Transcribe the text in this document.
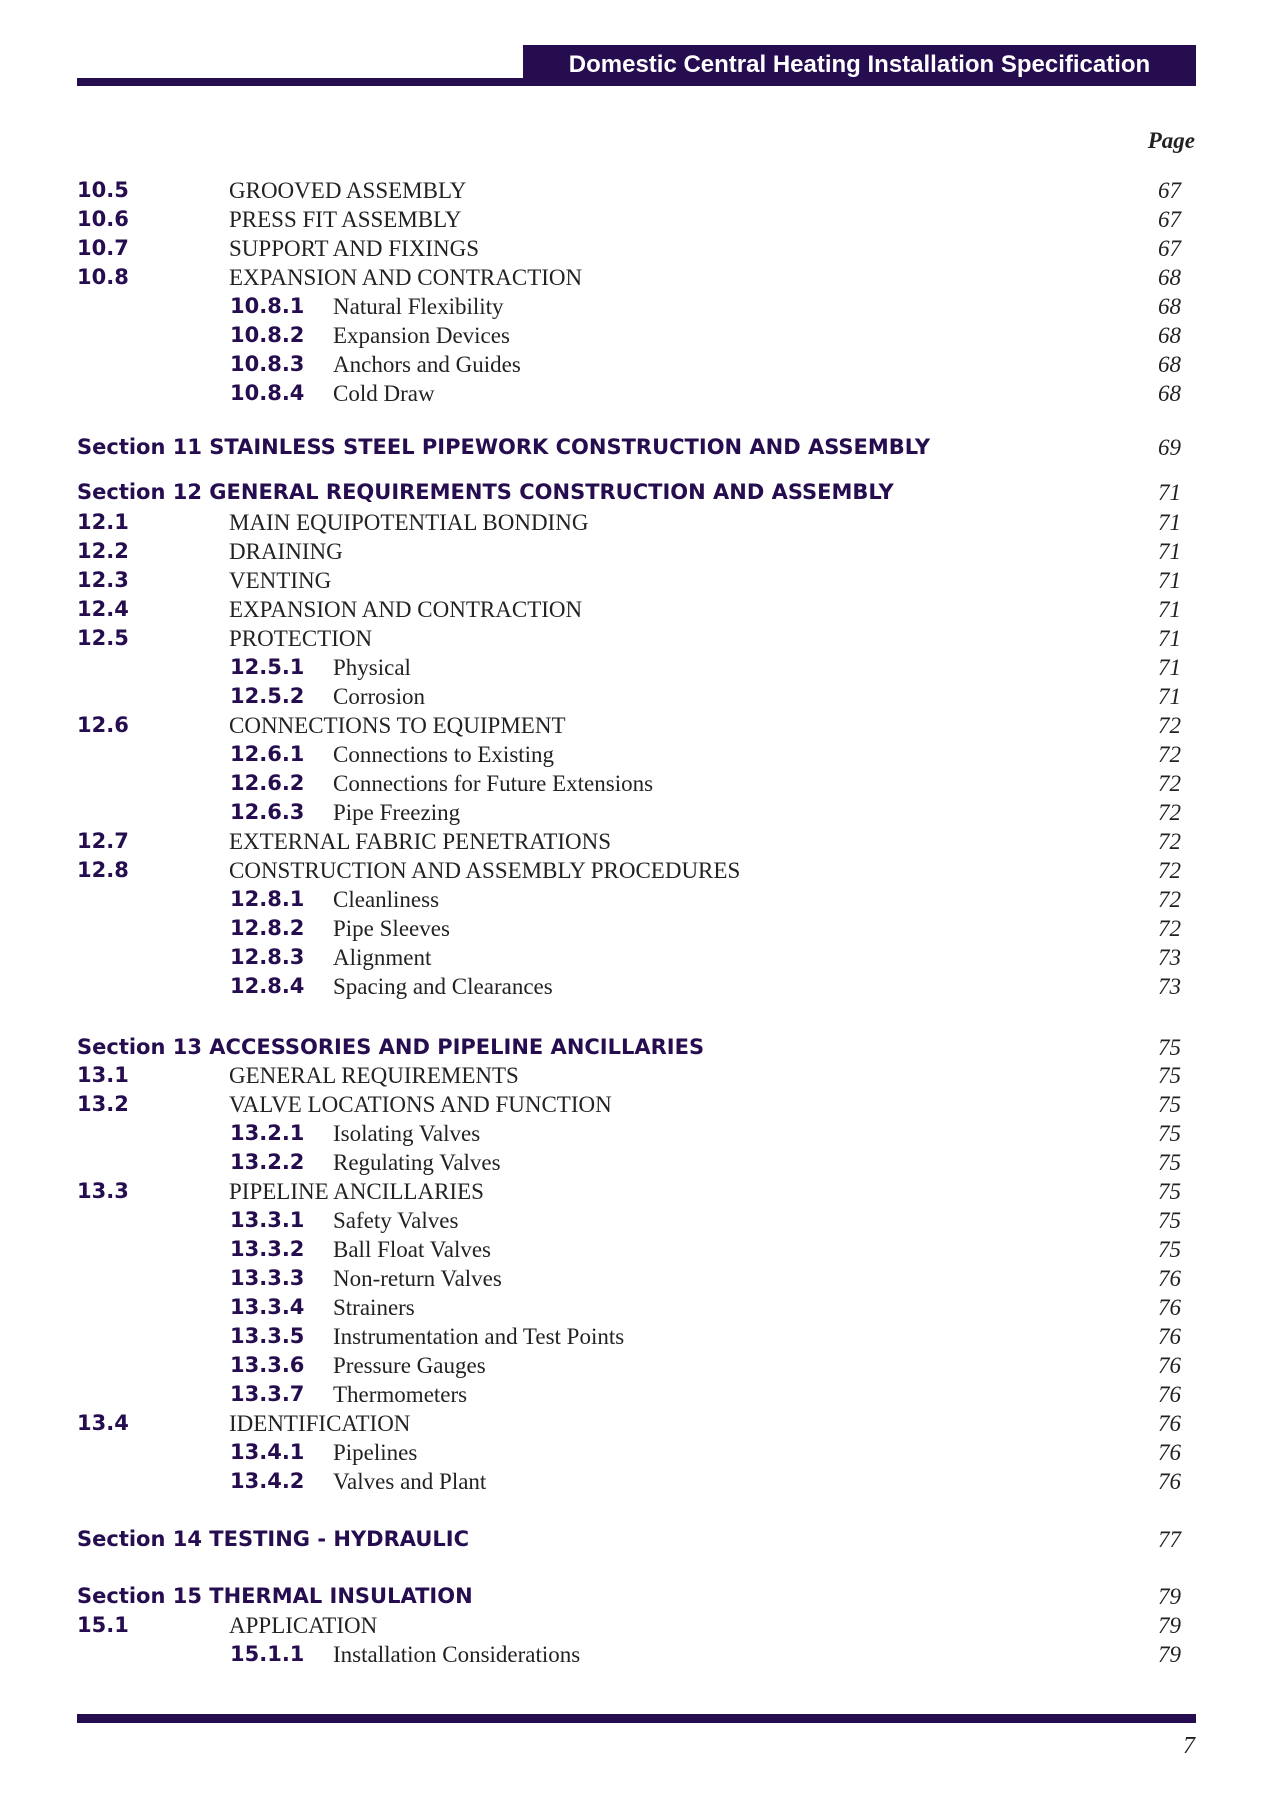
Domestic Central Heating Installation Specification
Page
10.5	GROOVED ASSEMBLY	67
10.6	PRESS FIT ASSEMBLY	67
10.7	SUPPORT AND FIXINGS	67
10.8	EXPANSION AND CONTRACTION	68
10.8.1 Natural Flexibility	68
10.8.2 Expansion Devices	68
10.8.3 Anchors and Guides	68
10.8.4 Cold Draw	68
Section 11 STAINLESS STEEL PIPEWORK CONSTRUCTION AND ASSEMBLY	69
Section 12 GENERAL REQUIREMENTS CONSTRUCTION AND ASSEMBLY	71
12.1	MAIN EQUIPOTENTIAL BONDING	71
12.2	DRAINING	71
12.3	VENTING	71
12.4	EXPANSION AND CONTRACTION	71
12.5	PROTECTION	71
12.5.1 Physical	71
12.5.2 Corrosion	71
12.6	CONNECTIONS TO EQUIPMENT	72
12.6.1 Connections to Existing	72
12.6.2 Connections for Future Extensions	72
12.6.3 Pipe Freezing	72
12.7	EXTERNAL FABRIC PENETRATIONS	72
12.8	CONSTRUCTION AND ASSEMBLY PROCEDURES	72
12.8.1 Cleanliness	72
12.8.2 Pipe Sleeves	72
12.8.3 Alignment	73
12.8.4 Spacing and Clearances	73
Section 13 ACCESSORIES AND PIPELINE ANCILLARIES	75
13.1	GENERAL REQUIREMENTS	75
13.2	VALVE LOCATIONS AND FUNCTION	75
13.2.1 Isolating Valves	75
13.2.2 Regulating Valves	75
13.3	PIPELINE ANCILLARIES	75
13.3.1 Safety Valves	75
13.3.2 Ball Float Valves	75
13.3.3 Non-return Valves	76
13.3.4 Strainers	76
13.3.5 Instrumentation and Test Points	76
13.3.6 Pressure Gauges	76
13.3.7 Thermometers	76
13.4	IDENTIFICATION	76
13.4.1 Pipelines	76
13.4.2 Valves and Plant	76
Section 14 TESTING - HYDRAULIC	77
Section 15 THERMAL INSULATION	79
15.1	APPLICATION	79
15.1.1 Installation Considerations	79
7
